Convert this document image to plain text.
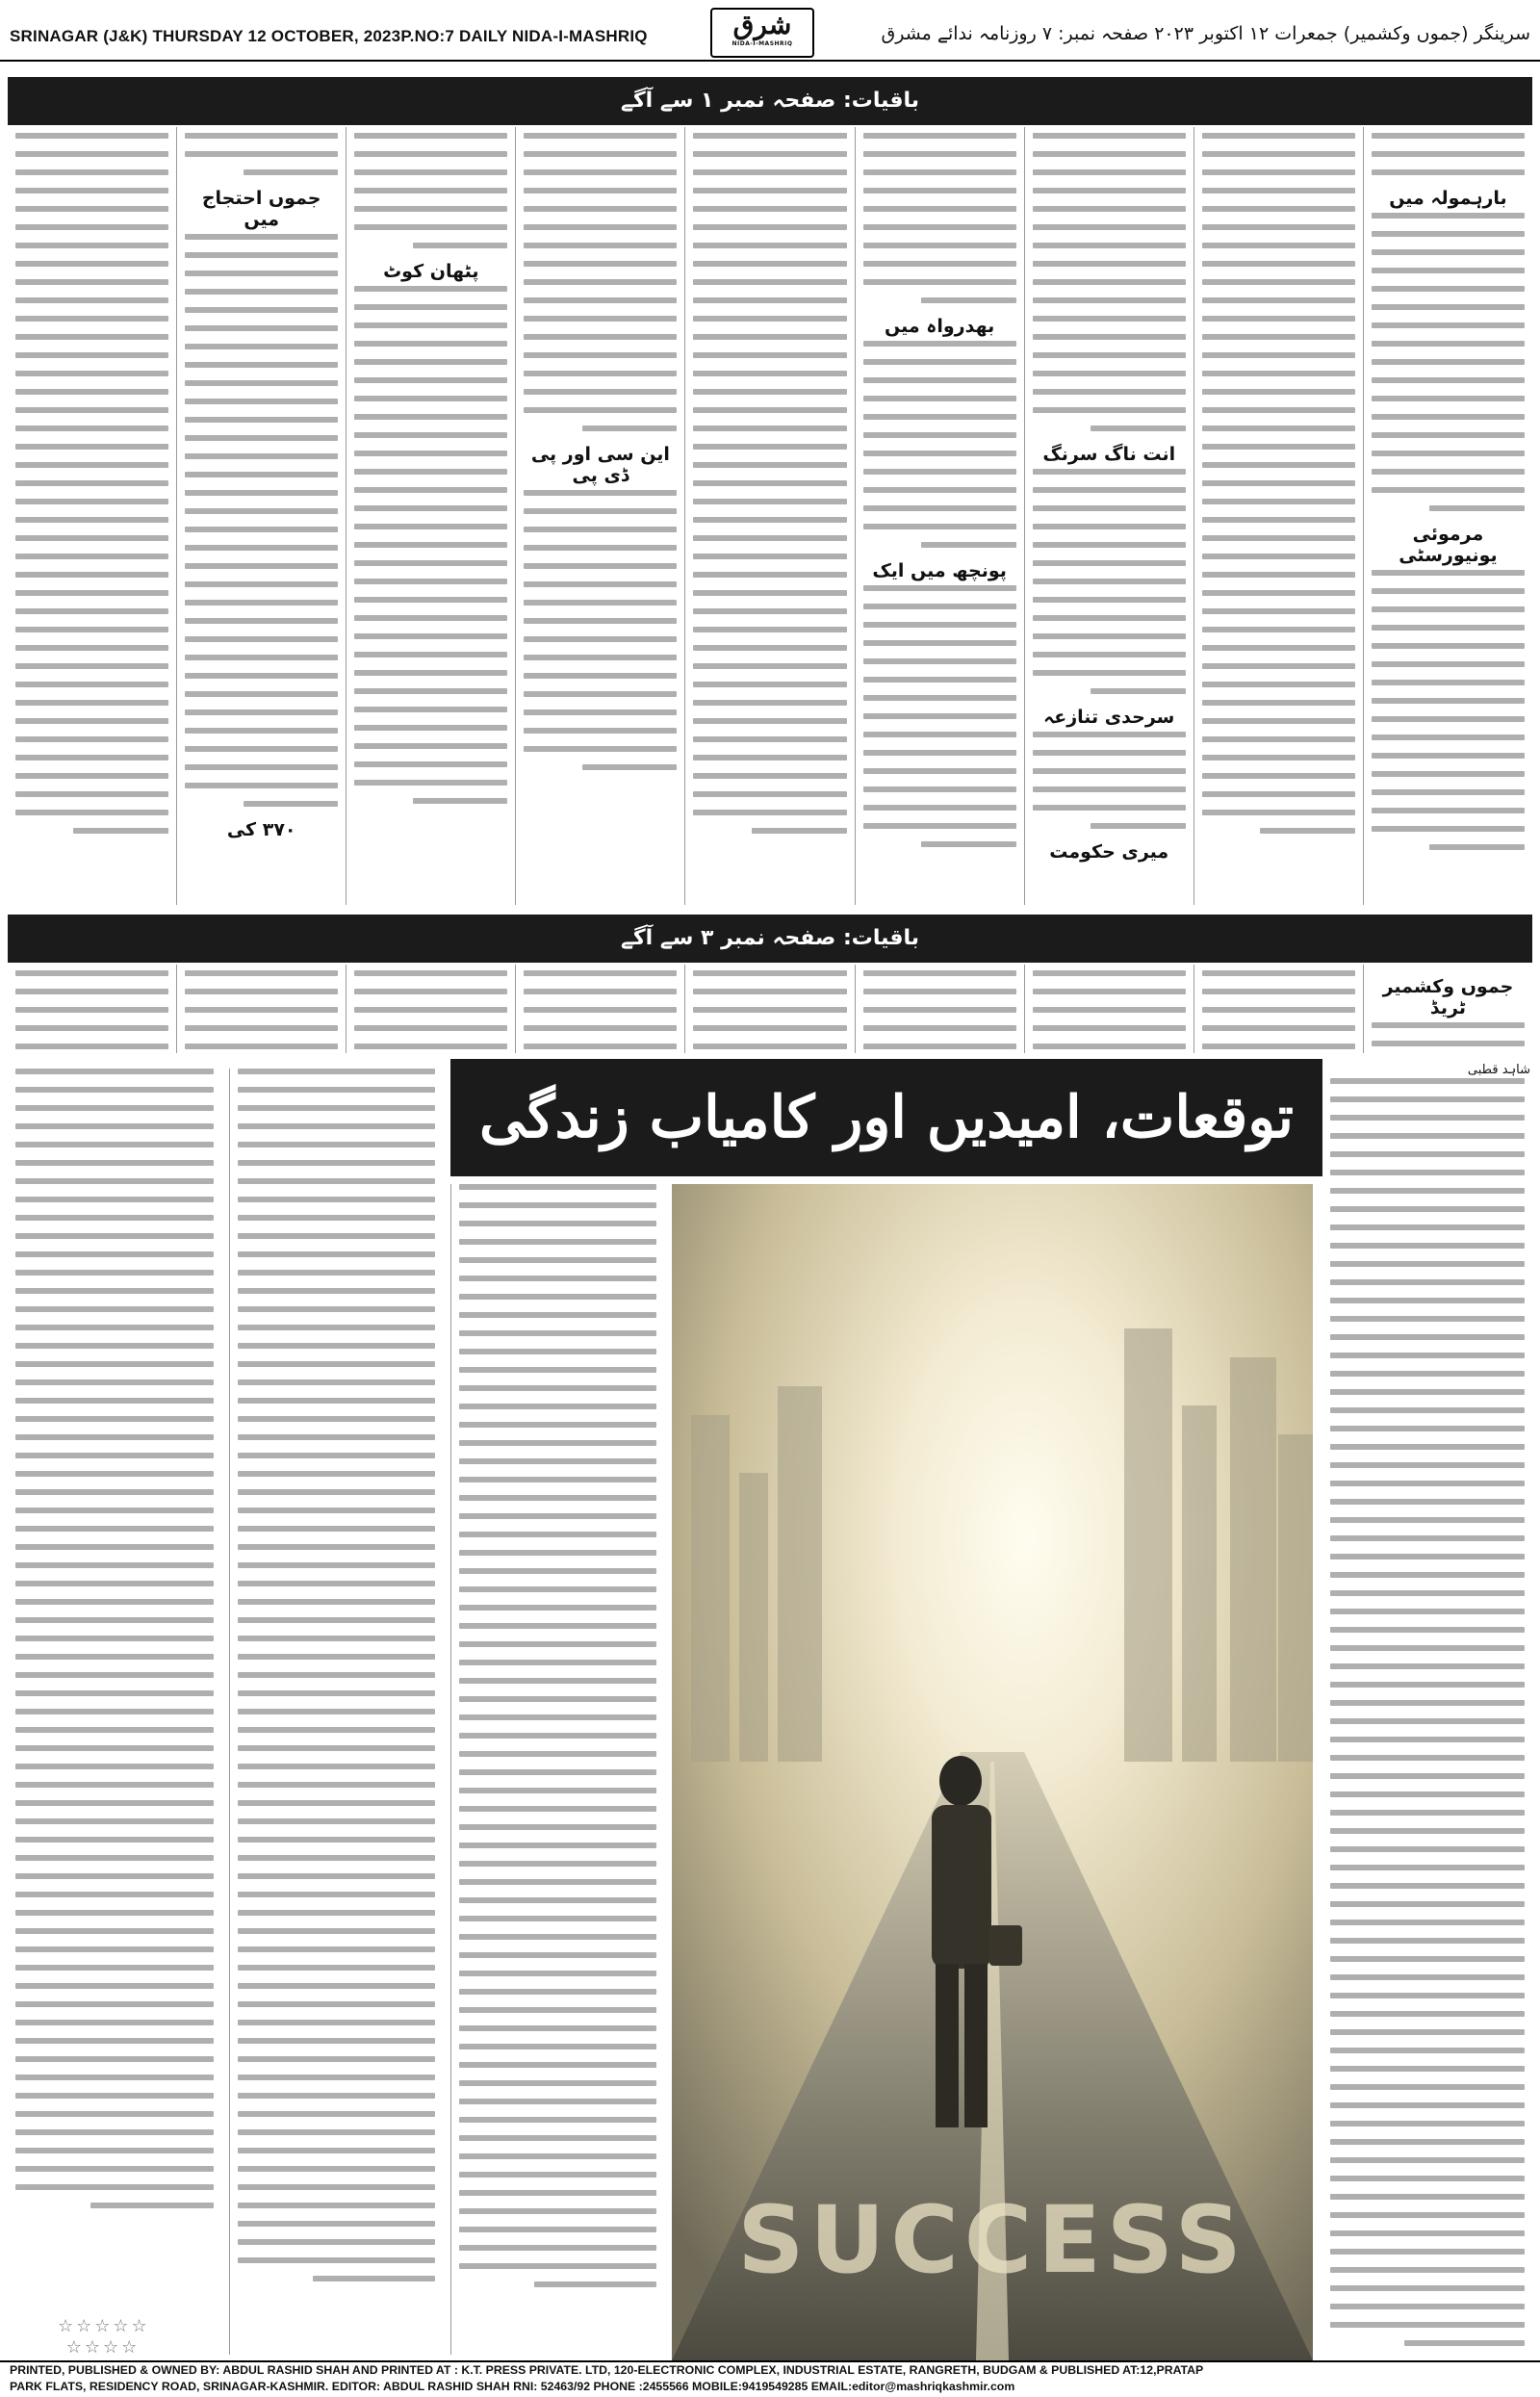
SRINAGAR (J&K) THURSDAY 12 OCTOBER, 2023P.NO:7 DAILY NIDA-I-MASHRIQ	شرق
NIDA-I-MASHRIQ	سرینگر (جموں وکشمیر) جمعرات ۱۲ اکتوبر ۲۰۲۳ صفحہ نمبر: ۷ روزنامہ ندائے مشرق
باقیات: صفحہ نمبر ۱ سے آگے
بارہمولہ میں
مرموئی یونیورسٹی
انت ناگ سرنگ
سرحدی تنازعہ
میری حکومت
بھدرواہ میں
پونچھ میں ایک
این سی اور پی ڈی پی
پٹھان کوٹ
جموں احتجاج میں
۳۷۰ کی
باقیات: صفحہ نمبر ۳ سے آگے
جموں وکشمیر ٹریڈ
شاہد قطبی
توقعات، امیدیں اور کامیاب زندگی
☆☆☆☆☆
☆☆☆☆
SUCCESS
PRINTED, PUBLISHED & OWNED BY: ABDUL RASHID SHAH AND PRINTED AT : K.T. PRESS PRIVATE. LTD, 120-ELECTRONIC COMPLEX, INDUSTRIAL ESTATE, RANGRETH, BUDGAM & PUBLISHED AT:12,PRATAP
PARK FLATS, RESIDENCY ROAD, SRINAGAR-KASHMIR. EDITOR: ABDUL RASHID SHAH RNI: 52463/92 PHONE :2455566 MOBILE:9419549285 EMAIL:editor@mashriqkashmir.com
